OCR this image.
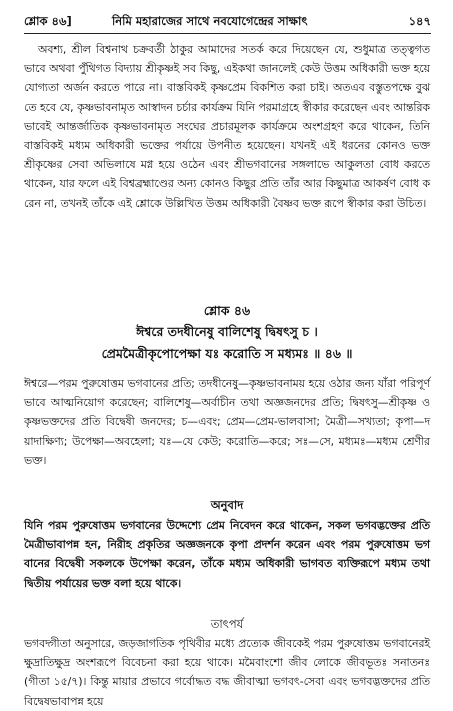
শ্লোক ৪৬]	নিমি মহারাজের সাথে নবযোগেন্দ্রের সাক্ষাৎ	১৪৭
অবশ্য, শ্রীল বিশ্বনাথ চক্রবর্তী ঠাকুর আমাদের সতর্ক করে দিয়েছেন যে, শুধুমাত্র তত্ত্বগতভাবে অথবা পুঁথিগত বিদ্যায় শ্রীকৃষ্ণই সব কিছু, এইকথা জানলেই কেউ উত্তম অধিকারী ভক্ত হয়ে যোগ্যতা অর্জন করতে পারে না। বাস্তবিকই কৃষ্ণপ্রেম বিকশিত করা চাই। অতএব বস্তুতপক্ষে বুঝতে হবে যে, কৃষ্ণভাবনামৃত আস্বাদন চর্চার কার্যক্রম যিনি পরমাগ্রহে স্বীকার করেছেন এবং আন্তরিকভাবেই আন্তর্জাতিক কৃষ্ণভাবনামৃত সংঘের প্রচারমূলক কার্যক্রমে অংশগ্রহণ করে থাকেন, তিনি বাস্তবিকই মধ্যম অধিকারী ভক্তের পর্যায়ে উপনীত হয়েছেন। যখনই এই ধরনের কোনও ভক্ত শ্রীকৃষ্ণের সেবা অভিলাষে মগ্ন হয়ে ওঠেন এবং শ্রীভগবানের সঙ্গলাভে আকুলতা বোধ করতে থাকেন, যার ফলে এই বিশ্বব্রহ্মাণ্ডের অন্য কোনও কিছুর প্রতি তাঁর আর কিছুমাত্র আকর্ষণ বোধ করেন না, তখনই তাঁকে এই শ্লোকে উল্লিখিত উত্তম অধিকারী বৈষ্ণব ভক্ত রূপে স্বীকার করা উচিত।
শ্লোক ৪৬
ঈশ্বরে তদধীনেষু বালিশেষু দ্বিষৎসু চ ।
প্রেমমৈত্রীকৃপোপেক্ষা যঃ করোতি স মধ্যমঃ ॥ ৪৬ ॥
ঈশ্বরে—পরম পুরুষোত্তম ভগবানের প্রতি; তদধীনেষু—কৃষ্ণভাবনাময় হয়ে ওঠার জন্য যাঁরা পরিপূর্ণভাবে আত্মনিয়োগ করেছেন; বালিশেষু—অর্বাচীন তথা অজ্ঞজনদের প্রতি; দ্বিষৎসু—শ্রীকৃষ্ণ ও কৃষ্ণভক্তদের প্রতি বিদ্বেষী জনদের; চ—এবং; প্রেম—প্রেম-ভালবাসা; মৈত্রী—সখ্যতা; কৃপা—দয়াদাক্ষিণ্য; উপেক্ষা—অবহেলা; যঃ—যে কেউ; করোতি—করে; সঃ—সে, মধ্যমঃ—মধ্যম শ্রেণীর ভক্ত।
অনুবাদ
যিনি পরম পুরুষোত্তম ভগবানের উদ্দেশ্যে প্রেম নিবেদন করে থাকেন, সকল ভগবদ্ভক্তের প্রতি মৈত্রীভাবাপন্ন হন, নিরীহ প্রকৃতির অজ্ঞজনকে কৃপা প্রদর্শন করেন এবং পরম পুরুষোত্তম ভগবানের বিদ্বেষী সকলকে উপেক্ষা করেন, তাঁকে মধ্যম অধিকারী ভাগবত ব্যক্তিরূপে মধ্যম তথা দ্বিতীয় পর্যায়ের ভক্ত বলা হয়ে থাকে।
তাৎপর্য
ভগবদ্গীতা অনুসারে, জড়জাগতিক পৃথিবীর মধ্যে প্রত্যেক জীবকেই পরম পুরুষোত্তম ভগবানেরই ক্ষুদ্রাতিক্ষুদ্র অংশরূপে বিবেচনা করা হয়ে থাকে। মমৈবাংশো জীব লোকে জীবভূতঃ সনাতনঃ (গীতা ১৫/৭)। কিন্তু মায়ার প্রভাবে গর্বোদ্ধত বদ্ধ জীবাত্মা ভগবৎ-সেবা এবং ভগবদ্ভক্তদের প্রতি বিদ্বেষভাবাপন্ন হয়ে
